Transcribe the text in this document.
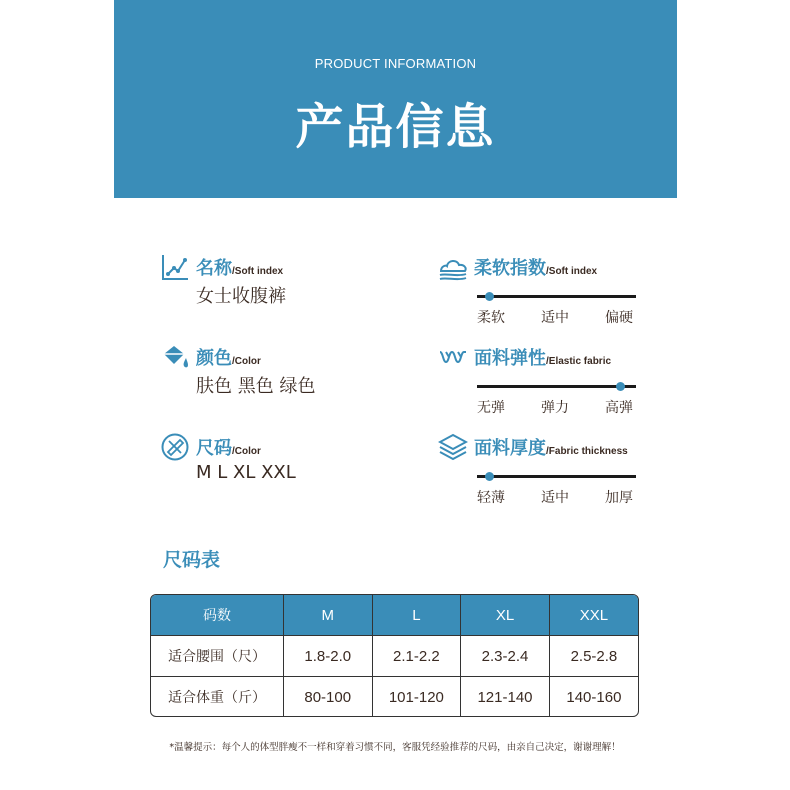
PRODUCT INFORMATION
产品信息
名称/Soft index
女士收腹裤
颜色/Color
肤色 黑色 绿色
尺码/Color
M L XL XXL
柔软指数/Soft index
柔软	适中	偏硬
面料弹性/Elastic fabric
无弹	弹力	高弹
面料厚度/Fabric thickness
轻薄	适中	加厚
尺码表
码数	M	L	XL	XXL
适合腰围（尺）	1.8-2.0	2.1-2.2	2.3-2.4	2.5-2.8
适合体重（斤）	80-100	101-120	121-140	140-160
*温馨提示：每个人的体型胖瘦不一样和穿着习惯不同，客服凭经验推荐的尺码，由亲自己决定，谢谢理解！
